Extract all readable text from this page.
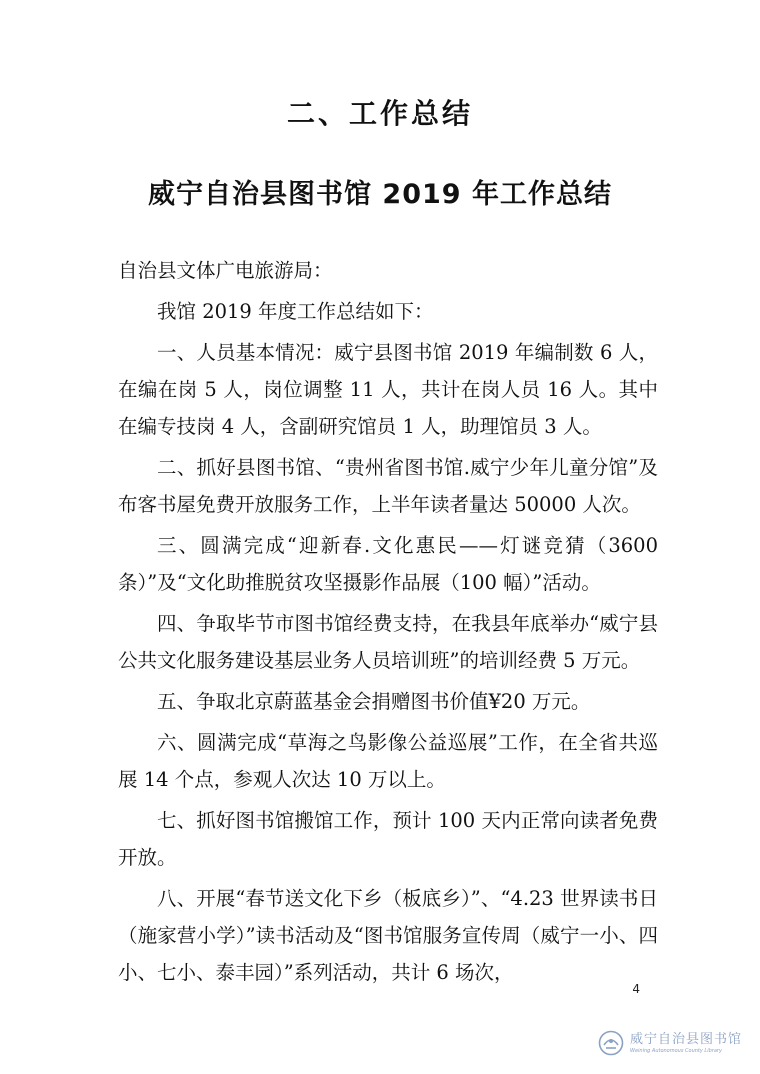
二、工作总结
威宁自治县图书馆 2019 年工作总结

自治县文体广电旅游局：

我馆 2019 年度工作总结如下：

一、人员基本情况：威宁县图书馆 2019 年编制数 6 人，在编在岗 5 人，岗位调整 11 人，共计在岗人员 16 人。其中在编专技岗 4 人，含副研究馆员 1 人，助理馆员 3 人。

二、抓好县图书馆、“贵州省图书馆.威宁少年儿童分馆”及布客书屋免费开放服务工作，上半年读者量达 50000 人次。

三、圆满完成“迎新春.文化惠民——灯谜竞猜（3600 条）”及“文化助推脱贫攻坚摄影作品展（100 幅）”活动。

四、争取毕节市图书馆经费支持，在我县年底举办“威宁县公共文化服务建设基层业务人员培训班”的培训经费 5 万元。

五、争取北京蔚蓝基金会捐赠图书价值¥20 万元。

六、圆满完成“草海之鸟影像公益巡展”工作，在全省共巡展 14 个点，参观人次达 10 万以上。

七、抓好图书馆搬馆工作，预计 100 天内正常向读者免费开放。

八、开展“春节送文化下乡（板底乡）”、“4.23 世界读书日（施家营小学）”读书活动及“图书馆服务宣传周（威宁一小、四小、七小、泰丰园）”系列活动，共计 6 场次，

4
威宁自治县图书馆
Weining Autonomous County Library
